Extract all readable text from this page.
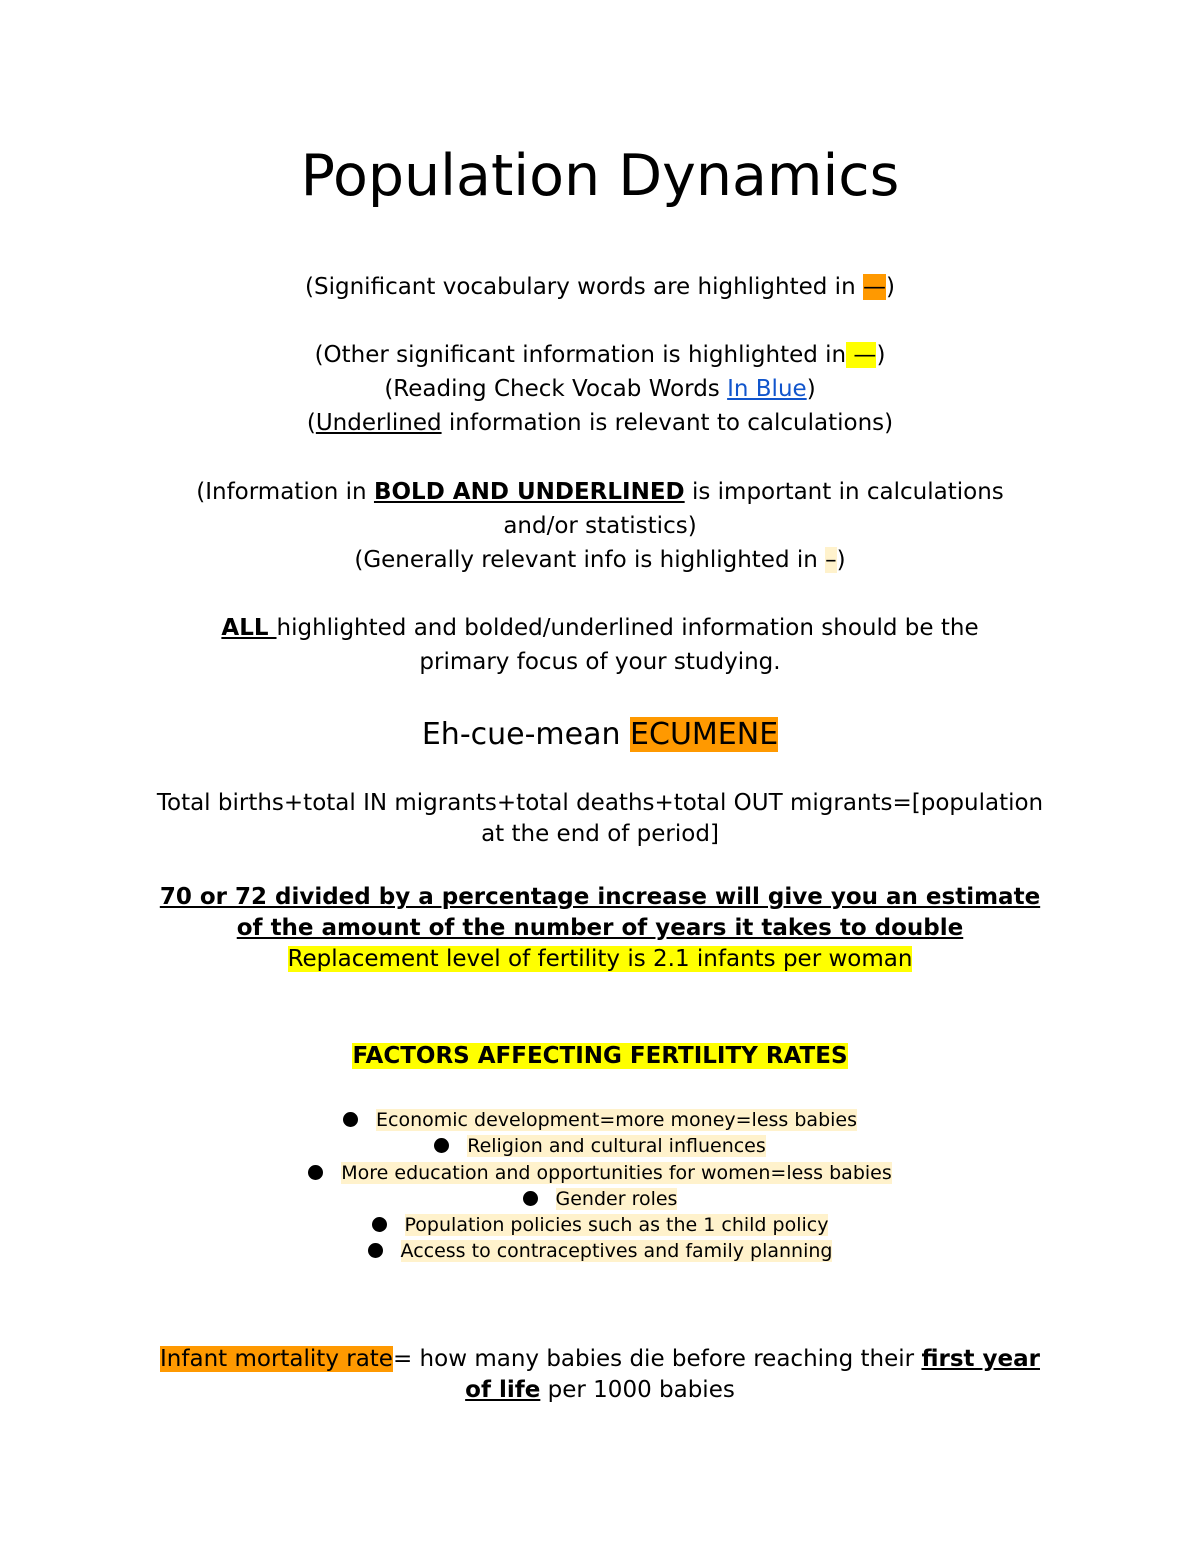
Population Dynamics
(Significant vocabulary words are highlighted in —)
(Other significant information is highlighted in —)
(Reading Check Vocab Words In Blue)
(Underlined information is relevant to calculations)
(Information in BOLD AND UNDERLINED is important in calculations
and/or statistics)
(Generally relevant info is highlighted in –)
ALL highlighted and bolded/underlined information should be the
primary focus of your studying.
Eh-cue-mean ECUMENE
Total births+total IN migrants+total deaths+total OUT migrants=[population
at the end of period]
70 or 72 divided by a percentage increase will give you an estimate
of the amount of the number of years it takes to double
Replacement level of fertility is 2.1 infants per woman
FACTORS AFFECTING FERTILITY RATES
Economic development=more money=less babies
Religion and cultural influences
More education and opportunities for women=less babies
Gender roles
Population policies such as the 1 child policy
Access to contraceptives and family planning
Infant mortality rate= how many babies die before reaching their first year
of life per 1000 babies
